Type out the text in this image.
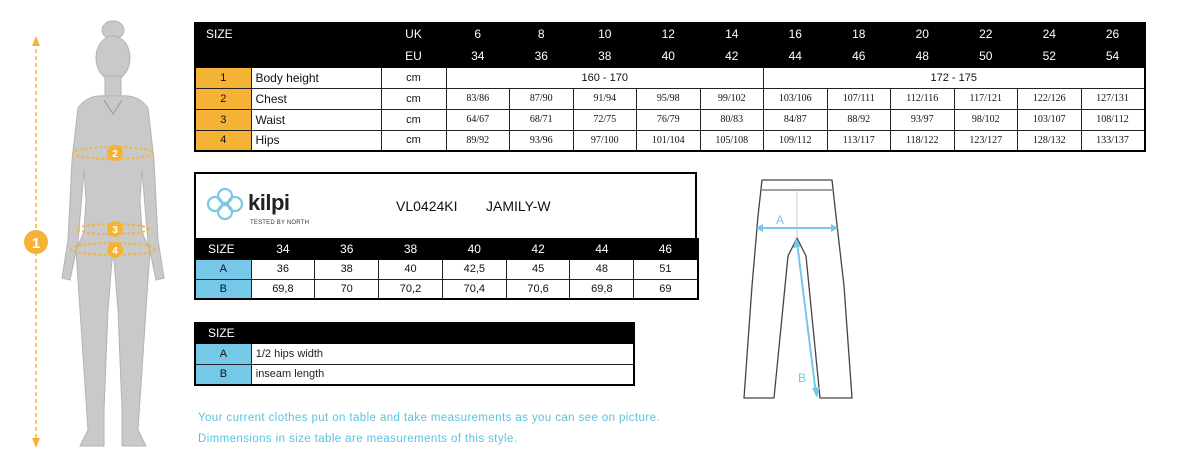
1
2
3
4
SIZE		UK	6	8	10	12	14	16	18	20	22	24	26
		EU	34	36	38	40	42	44	46	48	50	52	54
1	Body height	cm	160 - 170					172 - 175					
2	Chest	cm	83/86	87/90	91/94	95/98	99/102	103/106	107/111	112/116	117/121	122/126	127/131
3	Waist	cm	64/67	68/71	72/75	76/79	80/83	84/87	88/92	93/97	98/102	103/107	108/112
4	Hips	cm	89/92	93/96	97/100	101/104	105/108	109/112	113/117	118/122	123/127	128/132	133/137
kilpi
TESTED BY NORTH
VL0424KI JAMILY-W
SIZE	34	36	38	40	42	44	46
A	36	38	40	42,5	45	48	51
B	69,8	70	70,2	70,4	70,6	69,8	69
SIZE	
A	1/2 hips width
B	inseam length
A
B
Your current clothes put on table and take measurements as you can see on picture.
Dimmensions in size table are measurements of this style.
